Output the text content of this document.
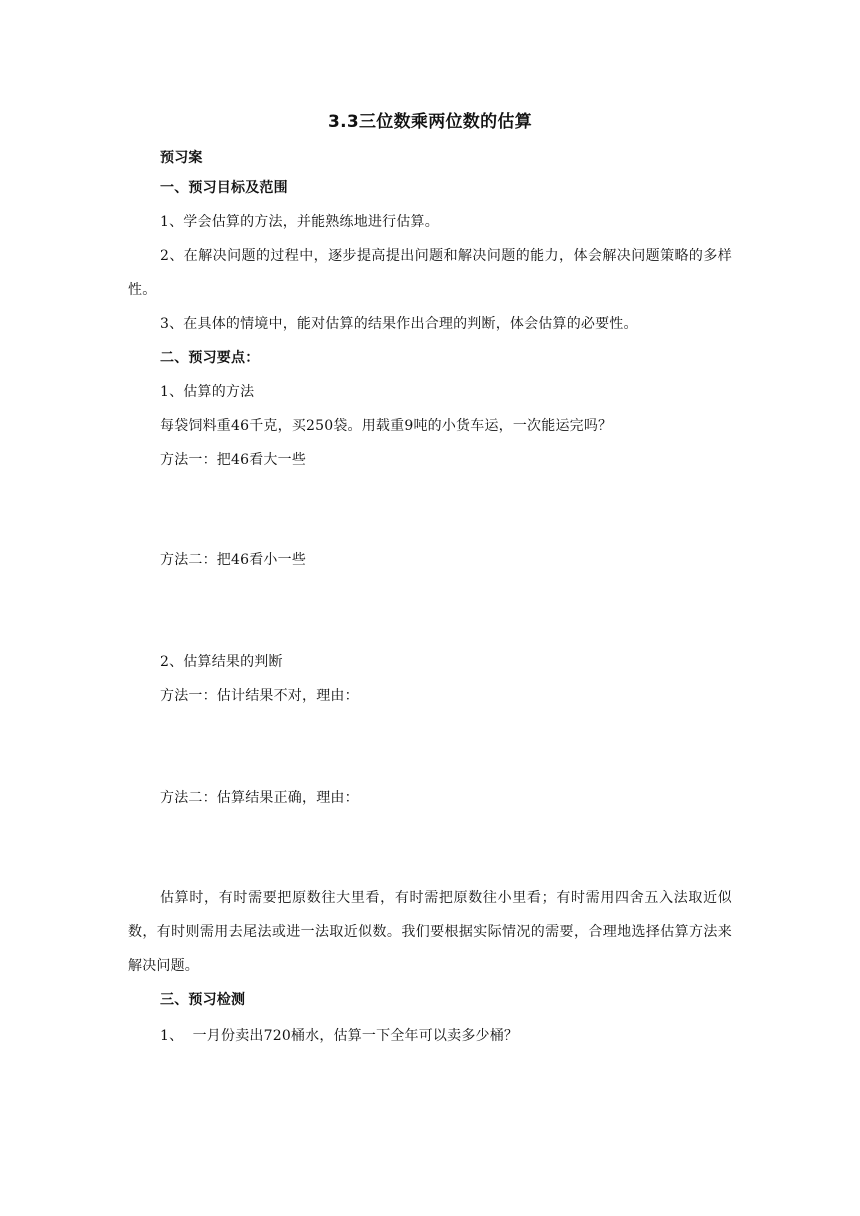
3.3三位数乘两位数的估算
预习案
一、预习目标及范围
1、学会估算的方法，并能熟练地进行估算。
2、在解决问题的过程中，逐步提高提出问题和解决问题的能力，体会解决问题策略的多样性。
3、在具体的情境中，能对估算的结果作出合理的判断，体会估算的必要性。
二、预习要点：
1、估算的方法
每袋饲料重46千克，买250袋。用载重9吨的小货车运，一次能运完吗？
方法一：把46看大一些
方法二：把46看小一些
2、估算结果的判断
方法一：估计结果不对，理由：
方法二：估算结果正确，理由：
估算时，有时需要把原数往大里看，有时需把原数往小里看；有时需用四舍五入法取近似数，有时则需用去尾法或进一法取近似数。我们要根据实际情况的需要，合理地选择估算方法来解决问题。
三、预习检测
1、  一月份卖出720桶水，估算一下全年可以卖多少桶？
